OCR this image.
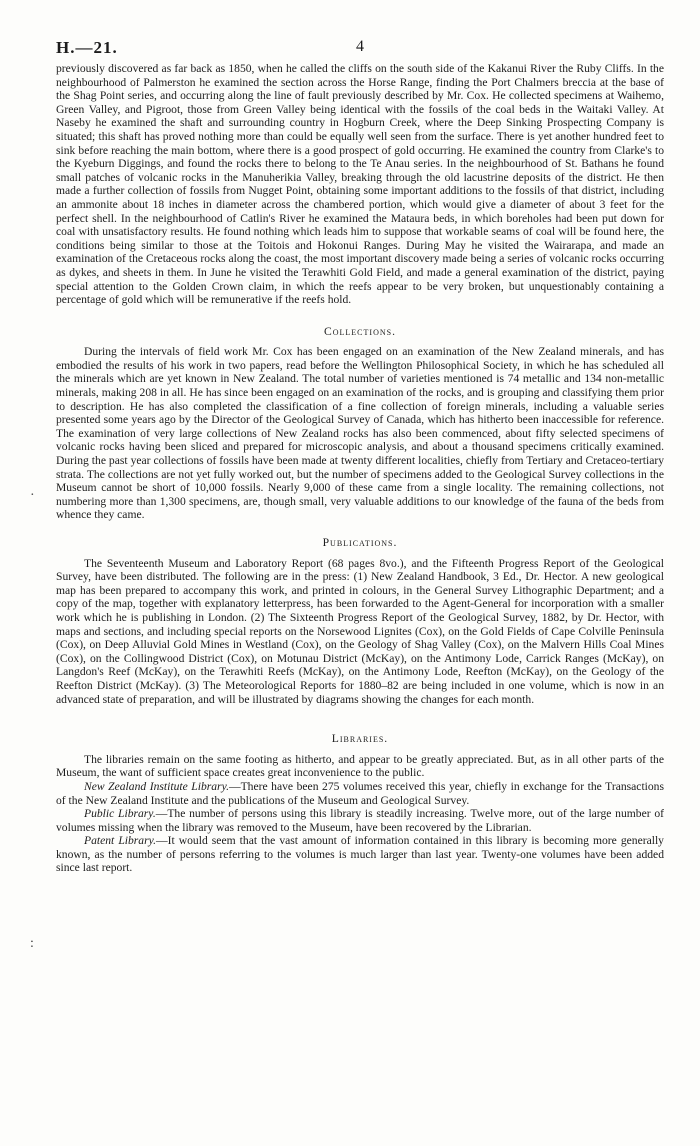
H.—21.	4

previously discovered as far back as 1850, when he called the cliffs on the south side of the Kakanui River the Ruby Cliffs. In the neighbourhood of Palmerston he examined the section across the Horse Range, finding the Port Chalmers breccia at the base of the Shag Point series, and occurring along the line of fault previously described by Mr. Cox. He collected specimens at Waihemo, Green Valley, and Pigroot, those from Green Valley being identical with the fossils of the coal beds in the Waitaki Valley. At Naseby he examined the shaft and surrounding country in Hogburn Creek, where the Deep Sinking Prospecting Company is situated; this shaft has proved nothing more than could be equally well seen from the surface. There is yet another hundred feet to sink before reaching the main bottom, where there is a good prospect of gold occurring. He examined the country from Clarke's to the Kyeburn Diggings, and found the rocks there to belong to the Te Anau series. In the neighbourhood of St. Bathans he found small patches of volcanic rocks in the Manuherikia Valley, breaking through the old lacustrine deposits of the district. He then made a further collection of fossils from Nugget Point, obtaining some important additions to the fossils of that district, including an ammonite about 18 inches in diameter across the chambered portion, which would give a diameter of about 3 feet for the perfect shell. In the neighbourhood of Catlin's River he examined the Mataura beds, in which boreholes had been put down for coal with unsatisfactory results. He found nothing which leads him to suppose that workable seams of coal will be found here, the conditions being similar to those at the Toitois and Hokonui Ranges. During May he visited the Wairarapa, and made an examination of the Cretaceous rocks along the coast, the most important discovery made being a series of volcanic rocks occurring as dykes, and sheets in them. In June he visited the Terawhiti Gold Field, and made a general examination of the district, paying special attention to the Golden Crown claim, in which the reefs appear to be very broken, but unquestionably containing a percentage of gold which will be remunerative if the reefs hold.

Collections.

During the intervals of field work Mr. Cox has been engaged on an examination of the New Zealand minerals, and has embodied the results of his work in two papers, read before the Wellington Philosophical Society, in which he has scheduled all the minerals which are yet known in New Zealand. The total number of varieties mentioned is 74 metallic and 134 non-metallic minerals, making 208 in all. He has since been engaged on an examination of the rocks, and is grouping and classifying them prior to description. He has also completed the classification of a fine collection of foreign minerals, including a valuable series presented some years ago by the Director of the Geological Survey of Canada, which has hitherto been inaccessible for reference. The examination of very large collections of New Zealand rocks has also been commenced, about fifty selected specimens of volcanic rocks having been sliced and prepared for microscopic analysis, and about a thousand specimens critically examined. During the past year collections of fossils have been made at twenty different localities, chiefly from Tertiary and Cretaceo-tertiary strata. The collections are not yet fully worked out, but the number of specimens added to the Geological Survey collections in the Museum cannot be short of 10,000 fossils. Nearly 9,000 of these came from a single locality. The remaining collections, not numbering more than 1,300 specimens, are, though small, very valuable additions to our knowledge of the fauna of the beds from whence they came.

Publications.

The Seventeenth Museum and Laboratory Report (68 pages 8vo.), and the Fifteenth Progress Report of the Geological Survey, have been distributed. The following are in the press: (1) New Zealand Handbook, 3 Ed., Dr. Hector. A new geological map has been prepared to accompany this work, and printed in colours, in the General Survey Lithographic Department; and a copy of the map, together with explanatory letterpress, has been forwarded to the Agent-General for incorporation with a smaller work which he is publishing in London. (2) The Sixteenth Progress Report of the Geological Survey, 1882, by Dr. Hector, with maps and sections, and including special reports on the Norsewood Lignites (Cox), on the Gold Fields of Cape Colville Peninsula (Cox), on Deep Alluvial Gold Mines in Westland (Cox), on the Geology of Shag Valley (Cox), on the Malvern Hills Coal Mines (Cox), on the Collingwood District (Cox), on Motunau District (McKay), on the Antimony Lode, Carrick Ranges (McKay), on Langdon's Reef (McKay), on the Terawhiti Reefs (McKay), on the Antimony Lode, Reefton (McKay), on the Geology of the Reefton District (McKay). (3) The Meteorological Reports for 1880–82 are being included in one volume, which is now in an advanced state of preparation, and will be illustrated by diagrams showing the changes for each month.

Libraries.

The libraries remain on the same footing as hitherto, and appear to be greatly appreciated. But, as in all other parts of the Museum, the want of sufficient space creates great inconvenience to the public.

New Zealand Institute Library.—There have been 275 volumes received this year, chiefly in exchange for the Transactions of the New Zealand Institute and the publications of the Museum and Geological Survey.

Public Library.—The number of persons using this library is steadily increasing. Twelve more, out of the large number of volumes missing when the library was removed to the Museum, have been recovered by the Librarian.

Patent Library.—It would seem that the vast amount of information contained in this library is becoming more generally known, as the number of persons referring to the volumes is much larger than last year. Twenty-one volumes have been added since last report.

·
:
